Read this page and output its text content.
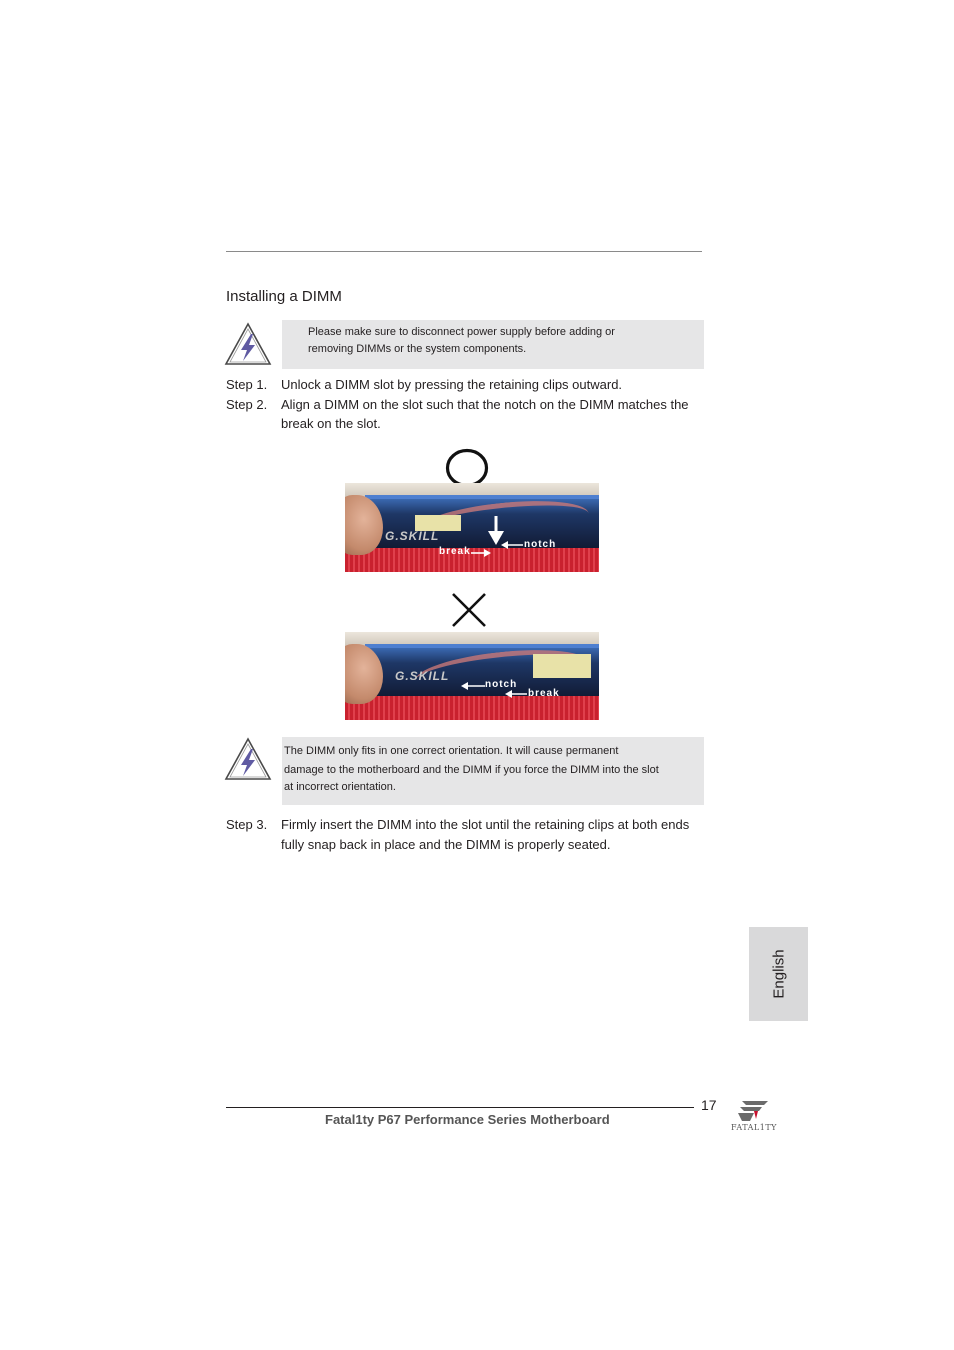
Installing a DIMM
Please make sure to disconnect power supply before adding or
removing DIMMs or the system components.
Step 1. Unlock a DIMM slot by pressing the retaining clips outward.
Step 2. Align a DIMM on the slot such that the notch on the DIMM matches the
break on the slot.
G.SKILL
notch
break
G.SKILL
notch
break
The DIMM only fits in one correct orientation. It will cause permanent
damage to the motherboard and the DIMM if you force the DIMM into the slot
at incorrect orientation.
Step 3. Firmly insert the DIMM into the slot until the retaining clips at both ends
fully snap back in place and the DIMM is properly seated.
English
17
Fatal1ty P67 Performance Series Motherboard
FATAL1TY
